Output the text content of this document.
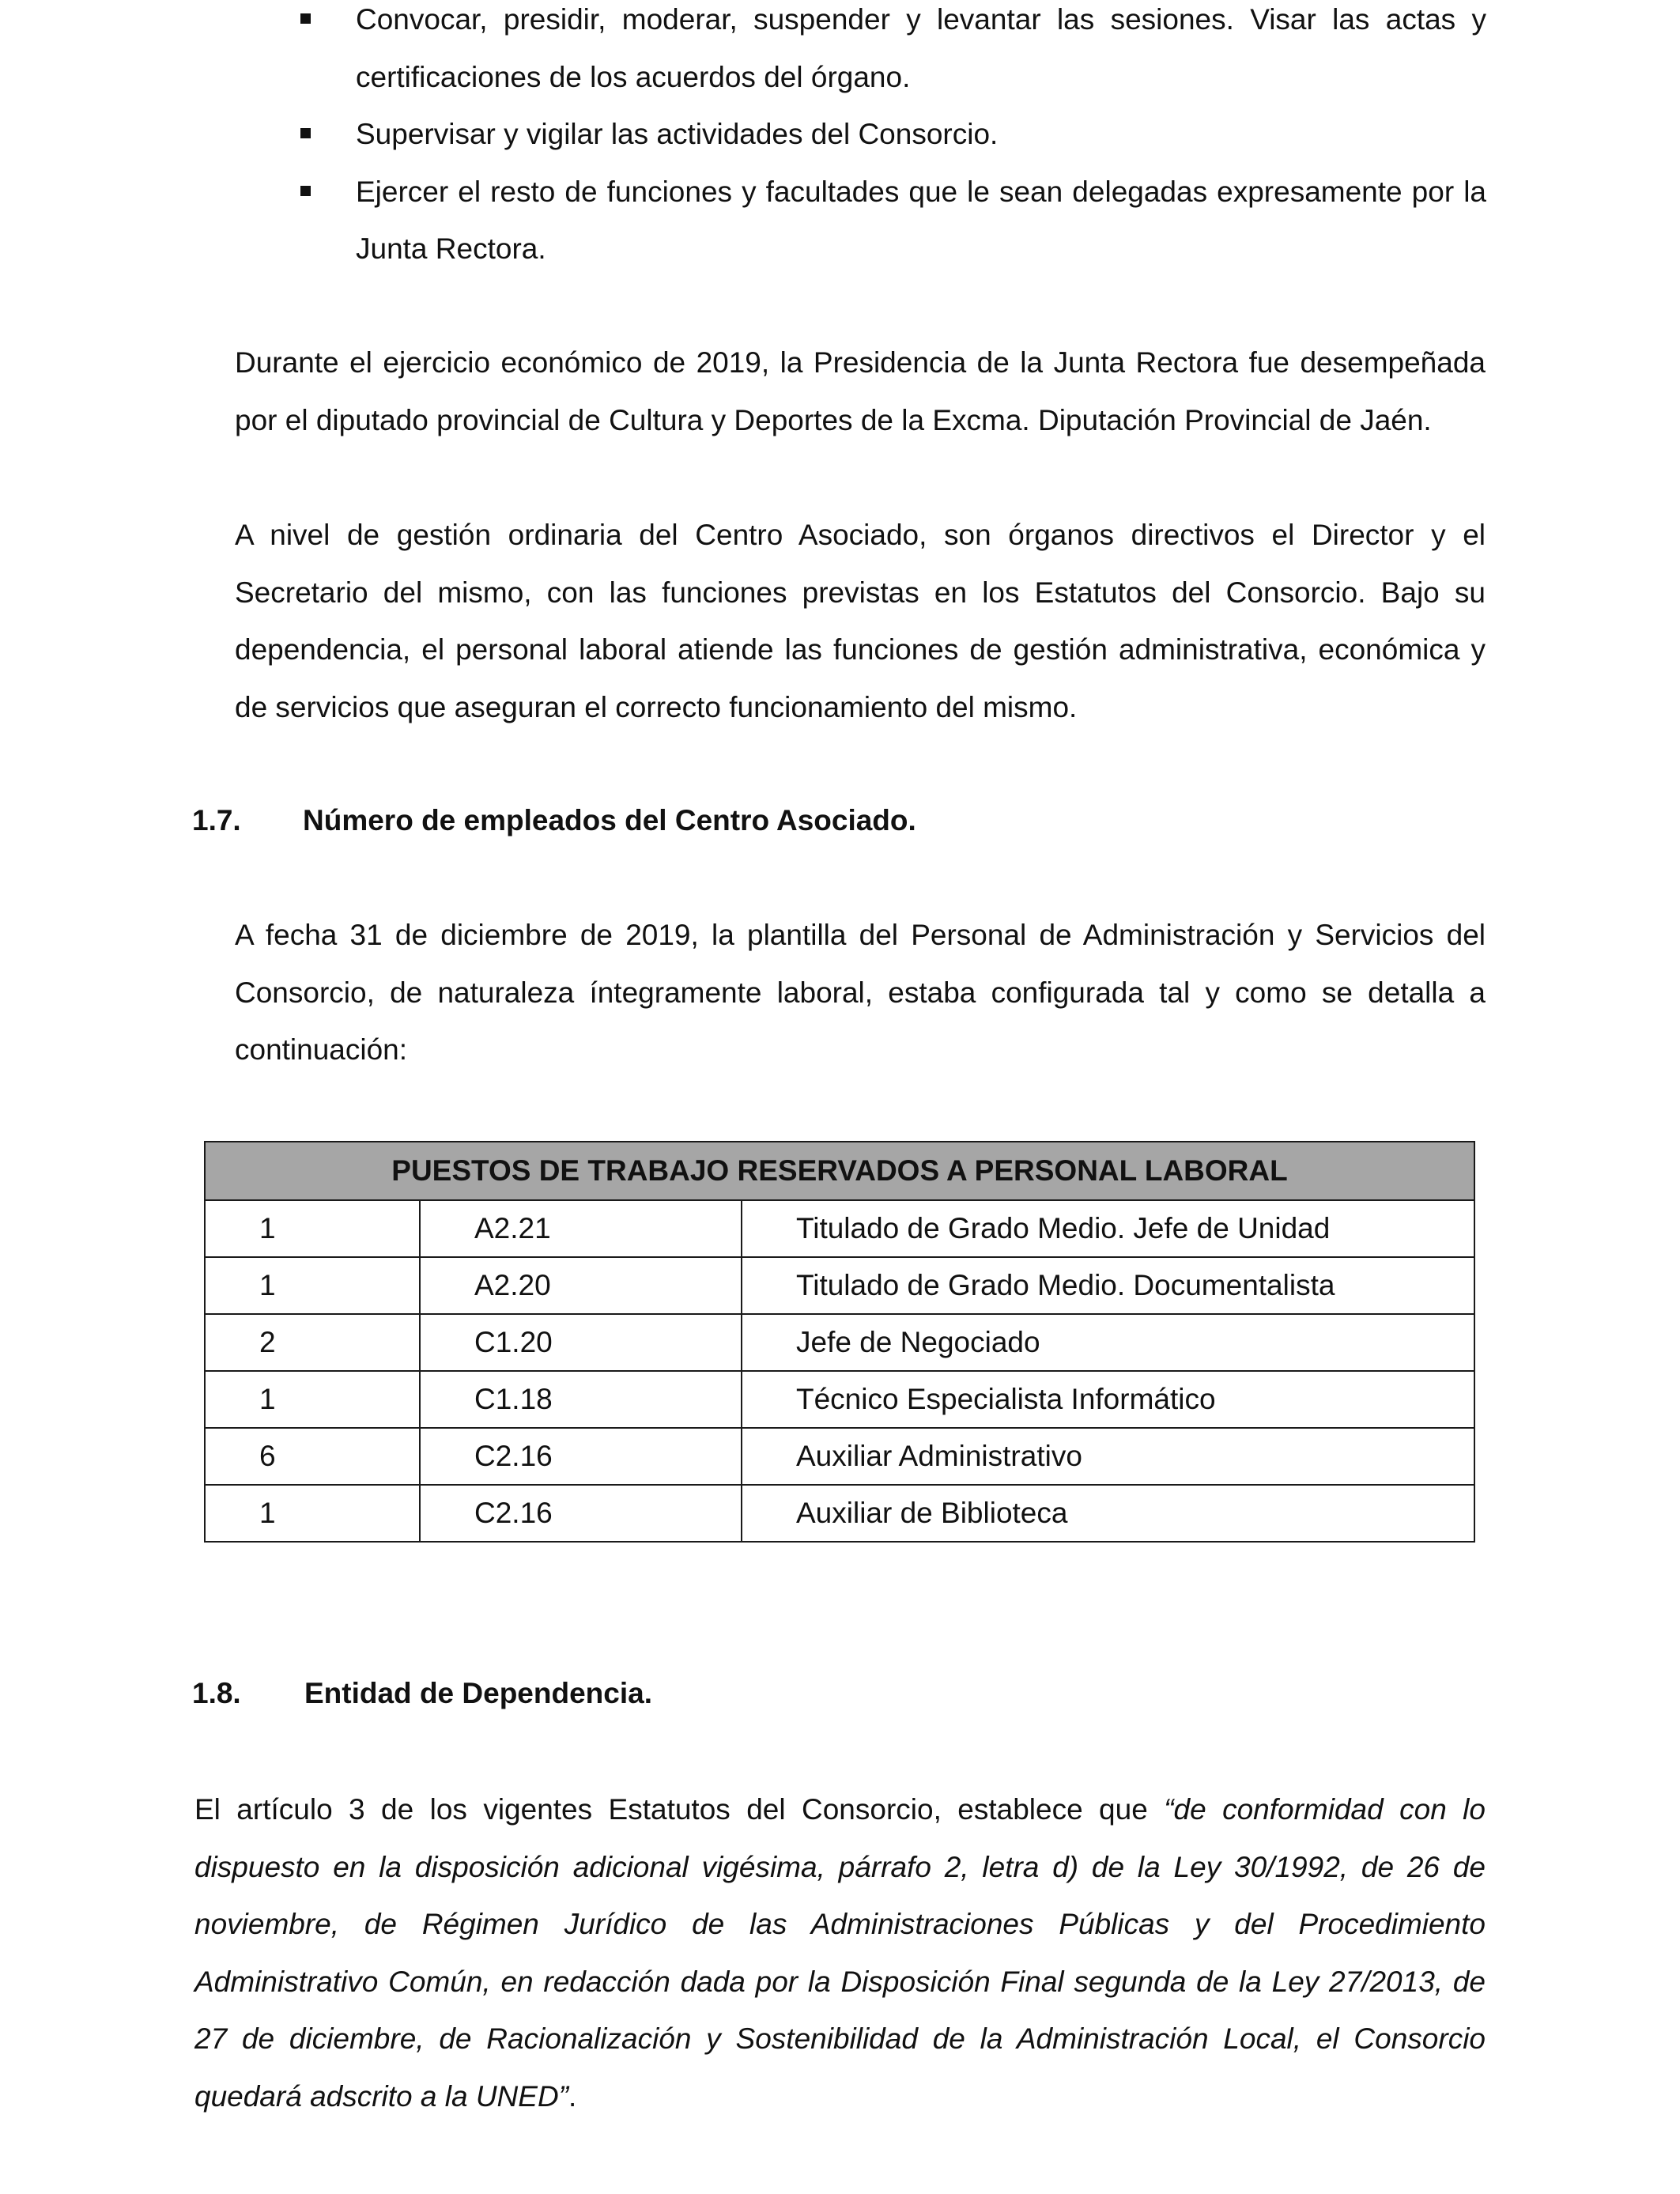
Convocar, presidir, moderar, suspender y levantar las sesiones. Visar las actas y certificaciones de los acuerdos del órgano.
Supervisar y vigilar las actividades del Consorcio.
Ejercer el resto de funciones y facultades que le sean delegadas expresamente por la Junta Rectora.

Durante el ejercicio económico de 2019, la Presidencia de la Junta Rectora fue desempeñada por el diputado provincial de Cultura y Deportes de la Excma. Diputación Provincial de Jaén.

A nivel de gestión ordinaria del Centro Asociado, son órganos directivos el Director y el Secretario del mismo, con las funciones previstas en los Estatutos del Consorcio. Bajo su dependencia, el personal laboral atiende las funciones de gestión administrativa, económica y de servicios que aseguran el correcto funcionamiento del mismo.

1.7. Número de empleados del Centro Asociado.

A fecha 31 de diciembre de 2019, la plantilla del Personal de Administración y Servicios del Consorcio, de naturaleza íntegramente laboral, estaba configurada tal y como se detalla a continuación:

PUESTOS DE TRABAJO RESERVADOS A PERSONAL LABORAL		
1	A2.21	Titulado de Grado Medio. Jefe de Unidad
1	A2.20	Titulado de Grado Medio. Documentalista
2	C1.20	Jefe de Negociado
1	C1.18	Técnico Especialista Informático
6	C2.16	Auxiliar Administrativo
1	C2.16	Auxiliar de Biblioteca
1.8. Entidad de Dependencia.

El artículo 3 de los vigentes Estatutos del Consorcio, establece que “de conformidad con lo dispuesto en la disposición adicional vigésima, párrafo 2, letra d) de la Ley 30/1992, de 26 de noviembre, de Régimen Jurídico de las Administraciones Públicas y del Procedimiento Administrativo Común, en redacción dada por la Disposición Final segunda de la Ley 27/2013, de 27 de diciembre, de Racionalización y Sostenibilidad de la Administración Local, el Consorcio quedará adscrito a la UNED”.
